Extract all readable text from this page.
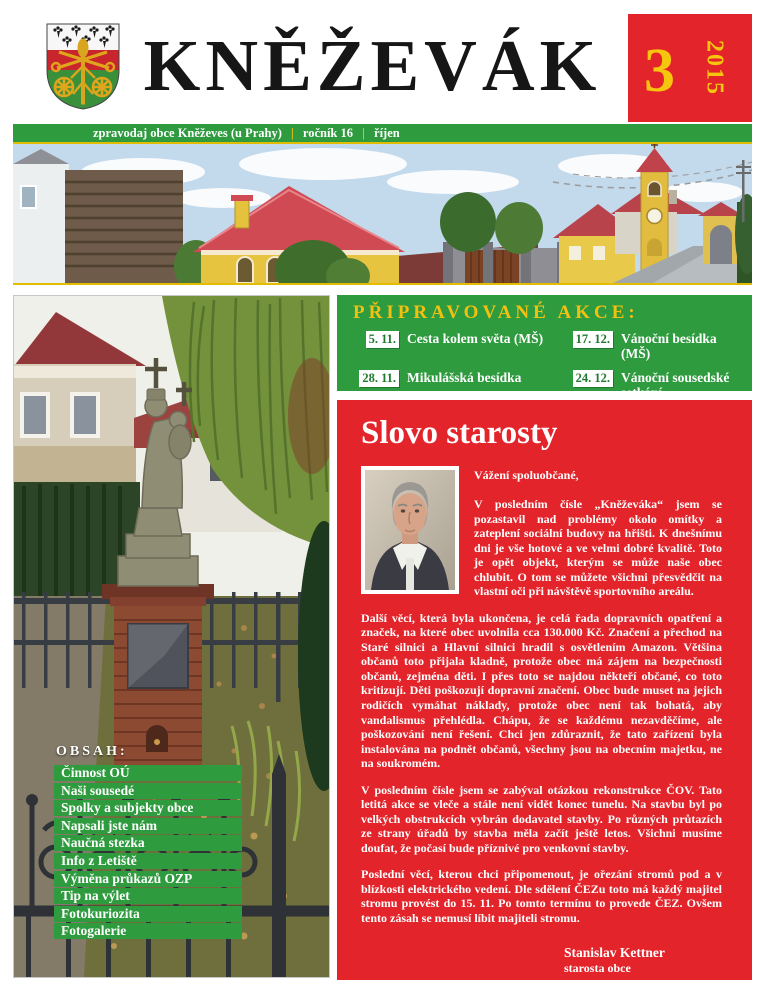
KNĚŽEVÁK 3 2015
zpravodaj obce Kněževes (u Prahy) | ročník 16 | říjen
OBSAH:
Činnost OÚ
Naši sousedé
Spolky a subjekty obce
Napsali jste nám
Naučná stezka
Info z Letiště
Výměna průkazů OZP
Tip na výlet
Fotokuriozita
Fotogalerie
PŘIPRAVOVANÉ AKCE:
5. 11. Cesta kolem světa (MŠ)	17. 12. Vánoční besídka (MŠ)
28. 11. Mikulášská besídka	24. 12. Vánoční sousedské setkání
Slovo starosty

Vážení spoluobčané,

V posledním čísle „Kněževáka“ jsem se pozastavil nad problémy okolo omítky a zateplení sociální budovy na hřišti. K dnešnímu dni je vše hotové a ve velmi dobré kvalitě. Toto je opět objekt, kterým se může naše obec chlubit. O tom se můžete všichni přesvědčit na vlastní oči při návštěvě sportovního areálu.

Další věcí, která byla ukončena, je celá řada dopravních opatření a značek, na které obec uvolnila cca 130.000 Kč. Značení a přechod na Staré silnici a Hlavní silnici hradil s osvětlením Amazon. Většina občanů toto přijala kladně, protože obec má zájem na bezpečnosti občanů, zejména děti. I přes toto se najdou někteří občané, co toto kritizují. Děti poškozují dopravní značení. Obec bude muset na jejich rodičích vymáhat náklady, protože obec není tak bohatá, aby vandalismus přehlédla. Chápu, že se každému nezavděčíme, ale poškozování není řešení. Chci jen zdůraznit, že tato zařízení byla instalována na podnět občanů, všechny jsou na obecním majetku, ne na soukromém.

V posledním čísle jsem se zabýval otázkou rekonstrukce ČOV. Tato letitá akce se vleče a stále není vidět konec tunelu. Na stavbu byl po velkých obstrukcích vybrán dodavatel stavby. Po různých průtazích ze strany úřadů by stavba měla začít ještě letos. Všichni musíme doufat, že počasí bude příznivé pro venkovní stavby.

Poslední věcí, kterou chci připomenout, je ořezání stromů pod a v blízkosti elektrického vedení. Dle sdělení ČEZu toto má každý majitel stromu provést do 15. 11. Po tomto termínu to provede ČEZ. Ovšem tento zásah se nemusí líbit majiteli stromu.

Stanislav Kettner
starosta obce
